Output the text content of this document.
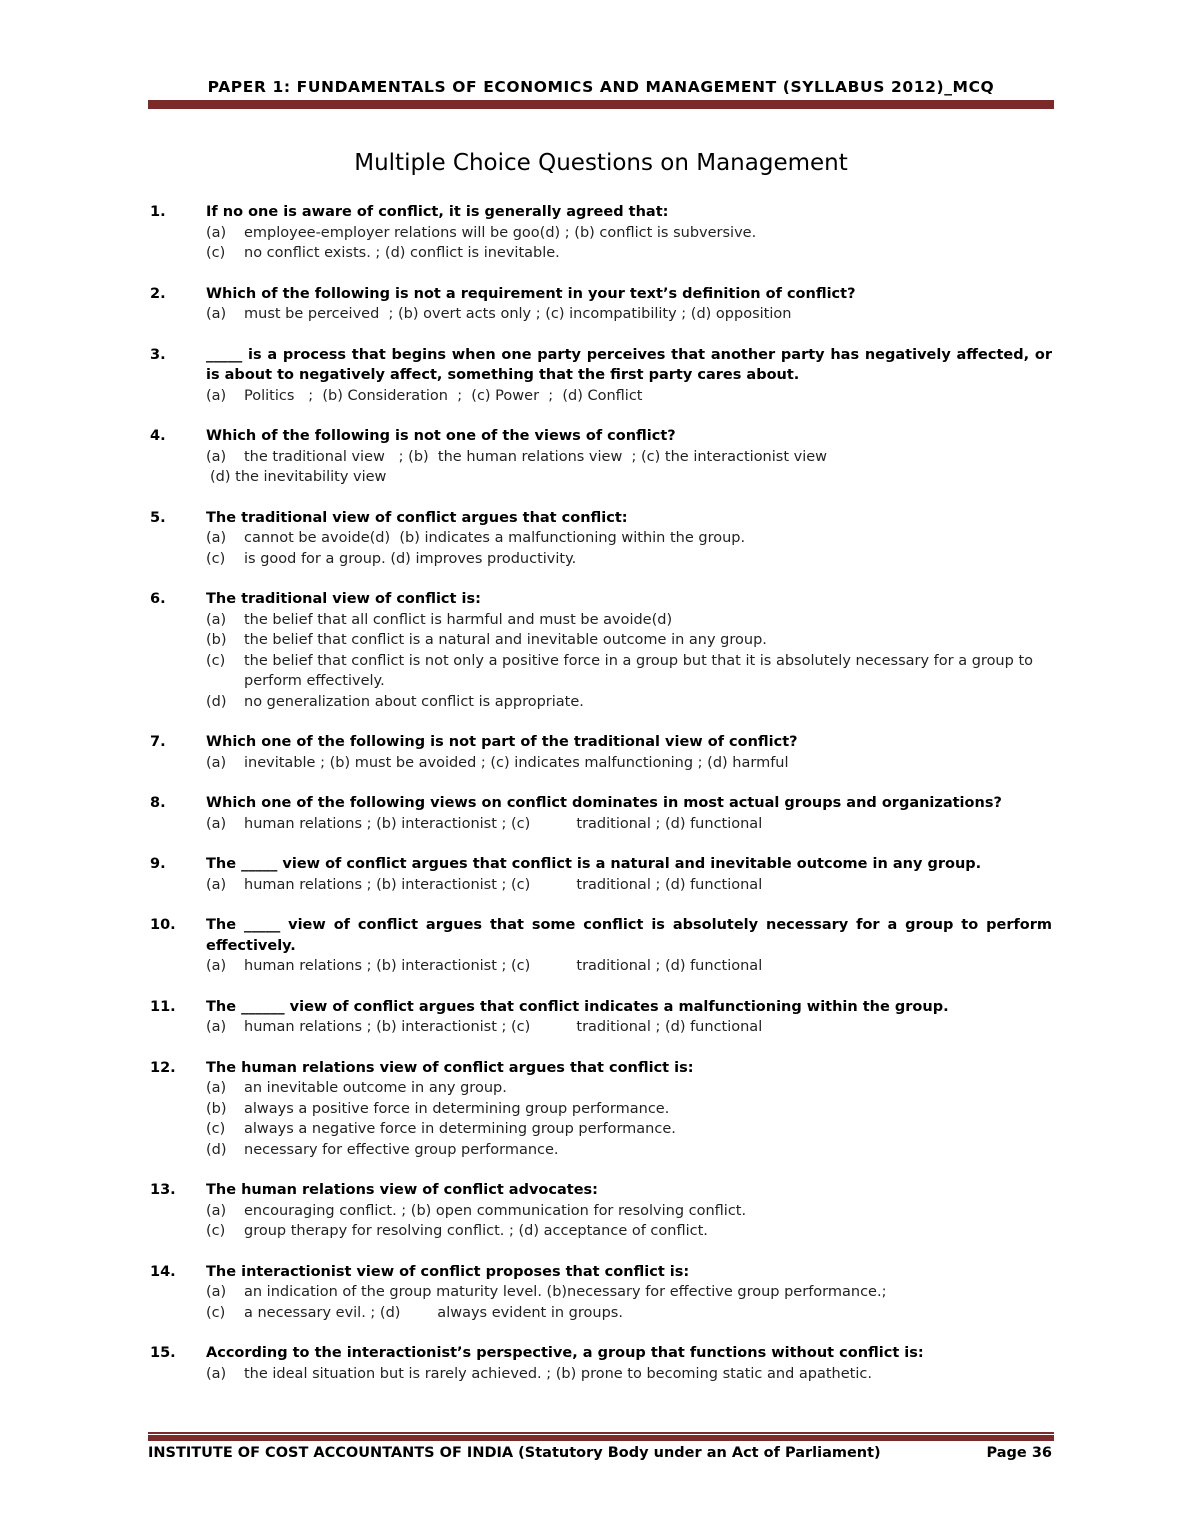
PAPER 1: FUNDAMENTALS OF ECONOMICS AND MANAGEMENT (SYLLABUS 2012)_MCQ
Multiple Choice Questions on Management
1.	If no one is aware of conflict, it is generally agreed that:
(a)	employee-employer relations will be goo(d) ; (b) conflict is subversive.
(c)	no conflict exists. ; (d) conflict is inevitable.
2.	Which of the following is not a requirement in your text’s definition of conflict?
(a)	must be perceived  ; (b) overt acts only ; (c) incompatibility ; (d) opposition
3.	_____ is a process that begins when one party perceives that another party has negatively affected, or is about to negatively affect, something that the first party cares about.
(a)	Politics   ;  (b) Consideration  ;  (c) Power  ;  (d) Conflict
4.	Which of the following is not one of the views of conflict?
(a)	the traditional view   ; (b)  the human relations view  ; (c) the interactionist view
(d) the inevitability view
5.	The traditional view of conflict argues that conflict:
(a)	cannot be avoide(d)  (b) indicates a malfunctioning within the group.
(c)	is good for a group. (d) improves productivity.
6.	The traditional view of conflict is:
(a)	the belief that all conflict is harmful and must be avoide(d)
(b)	the belief that conflict is a natural and inevitable outcome in any group.
(c)	the belief that conflict is not only a positive force in a group but that it is absolutely necessary for a group to perform effectively.
(d)	no generalization about conflict is appropriate.
7.	Which one of the following is not part of the traditional view of conflict?
(a)	inevitable ; (b) must be avoided ; (c) indicates malfunctioning ; (d) harmful
8.	Which one of the following views on conflict dominates in most actual groups and organizations?
(a)	human relations ; (b) interactionist ; (c)          traditional ; (d) functional
9.	The _____ view of conflict argues that conflict is a natural and inevitable outcome in any group.
(a)	human relations ; (b) interactionist ; (c)          traditional ; (d) functional
10. The _____ view of conflict argues that some conflict is absolutely necessary for a group to perform effectively.
(a)	human relations ; (b) interactionist ; (c)          traditional ; (d) functional
11. The ______ view of conflict argues that conflict indicates a malfunctioning within the group.
(a)	human relations ; (b) interactionist ; (c)          traditional ; (d) functional
12. The human relations view of conflict argues that conflict is:
(a)	an inevitable outcome in any group.
(b)	always a positive force in determining group performance.
(c)	always a negative force in determining group performance.
(d)	necessary for effective group performance.
13. The human relations view of conflict advocates:
(a)	encouraging conflict. ; (b) open communication for resolving conflict.
(c)	group therapy for resolving conflict. ; (d) acceptance of conflict.
14. The interactionist view of conflict proposes that conflict is:
(a)	an indication of the group maturity level. (b)necessary for effective group performance.;
(c)	a necessary evil. ; (d)        always evident in groups.
15. According to the interactionist’s perspective, a group that functions without conflict is:
(a)	the ideal situation but is rarely achieved. ; (b) prone to becoming static and apathetic.
INSTITUTE OF COST ACCOUNTANTS OF INDIA (Statutory Body under an Act of Parliament)	Page 36
